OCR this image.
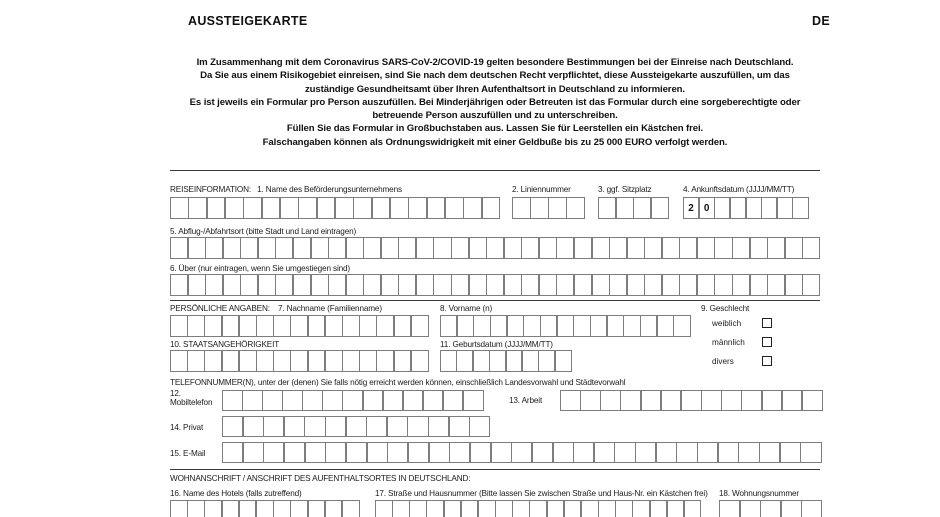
AUSSTEIGEKARTE	DE
Im Zusammenhang mit dem Coronavirus SARS-CoV-2/COVID-19 gelten besondere Bestimmungen bei der Einreise nach Deutschland.
Da Sie aus einem Risikogebiet einreisen, sind Sie nach dem deutschen Recht verpflichtet, diese Aussteigekarte auszufüllen, um das
zuständige Gesundheitsamt über Ihren Aufenthaltsort in Deutschland zu informieren.
Es ist jeweils ein Formular pro Person auszufüllen. Bei Minderjährigen oder Betreuten ist das Formular durch eine sorgeberechtigte oder
betreuende Person auszufüllen und zu unterschreiben.
Füllen Sie das Formular in Großbuchstaben aus. Lassen Sie für Leerstellen ein Kästchen frei.
Falschangaben können als Ordnungswidrigkeit mit einer Geldbuße bis zu 25 000 EURO verfolgt werden.
REISEINFORMATION: 1. Name des Beförderungsunternehmens	2. Liniennummer	3. ggf. Sitzplatz	4. Ankunftsdatum (JJJJ/MM/TT)
2	0
5. Abflug-/Abfahrtsort (bitte Stadt und Land eintragen)
6. Über (nur eintragen, wenn Sie umgestiegen sind)
PERSÖNLICHE ANGABEN: 7. Nachname (Familienname)	8. Vorname (n)	9. Geschlecht
weiblich
männlich
divers
10. STAATSANGEHÖRIGKEIT	11. Geburtsdatum (JJJJ/MM/TT)
TELEFONNUMMER(N), unter der (denen) Sie falls nötig erreicht werden können, einschließlich Landesvorwahl und Städtevorwahl
12.
Mobiltelefon	13. Arbeit
14. Privat
15. E-Mail
WOHNANSCHRIFT / ANSCHRIFT DES AUFENTHALTSORTES IN DEUTSCHLAND:
16. Name des Hotels (falls zutreffend)	17. Straße und Hausnummer (Bitte lassen Sie zwischen Straße und Haus-Nr. ein Kästchen frei) 18. Wohnungsnummer
